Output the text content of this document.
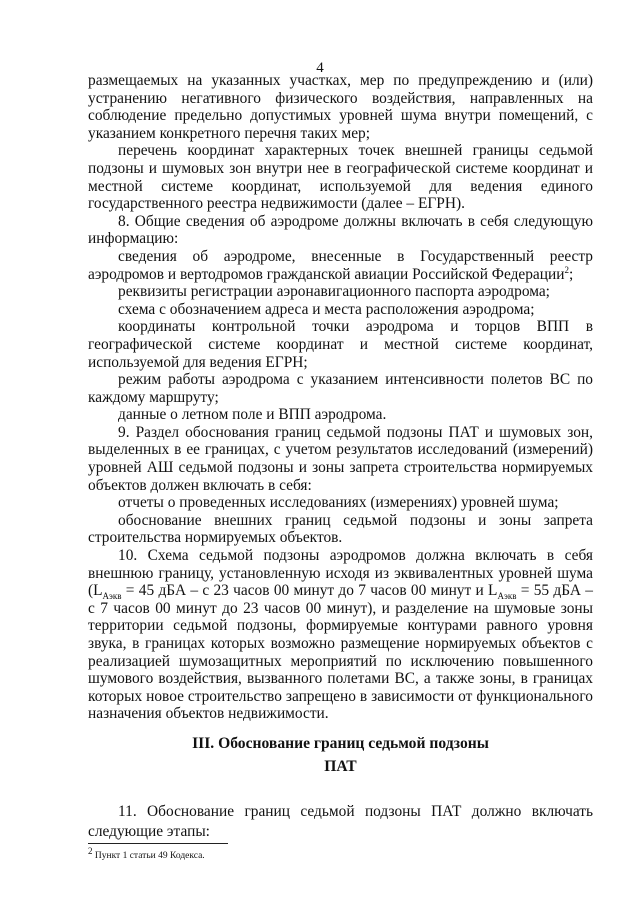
4

размещаемых на указанных участках, мер по предупреждению и (или) устранению негативного физического воздействия, направленных на соблюдение предельно допустимых уровней шума внутри помещений, с указанием конкретного перечня таких мер;

перечень координат характерных точек внешней границы седьмой подзоны и шумовых зон внутри нее в географической системе координат и местной системе координат, используемой для ведения единого государственного реестра недвижимости (далее – ЕГРН).

8. Общие сведения об аэродроме должны включать в себя следующую информацию:

сведения об аэродроме, внесенные в Государственный реестр аэродромов и вертодромов гражданской авиации Российской Федерации$^2$;

реквизиты регистрации аэронавигационного паспорта аэродрома;

схема с обозначением адреса и места расположения аэродрома;

координаты контрольной точки аэродрома и торцов ВПП в географической системе координат и местной системе координат, используемой для ведения ЕГРН;

режим работы аэродрома с указанием интенсивности полетов ВС по каждому маршруту;

данные о летном поле и ВПП аэродрома.

9. Раздел обоснования границ седьмой подзоны ПАТ и шумовых зон, выделенных в ее границах, с учетом результатов исследований (измерений) уровней АШ седьмой подзоны и зоны запрета строительства нормируемых объектов должен включать в себя:

отчеты о проведенных исследованиях (измерениях) уровней шума;

обоснование внешних границ седьмой подзоны и зоны запрета строительства нормируемых объектов.

10. Схема седьмой подзоны аэродромов должна включать в себя внешнюю границу, установленную исходя из эквивалентных уровней шума ($L_{Аэкв} = 45$ дБА – с 23 часов 00 минут до 7 часов 00 минут и $L_{Аэкв} = 55$ дБА – с 7 часов 00 минут до 23 часов 00 минут), и разделение на шумовые зоны территории седьмой подзоны, формируемые контурами равного уровня звука, в границах которых возможно размещение нормируемых объектов с реализацией шумозащитных мероприятий по исключению повышенного шумового воздействия, вызванного полетами ВС, а также зоны, в границах которых новое строительство запрещено в зависимости от функционального назначения объектов недвижимости.

III. Обоснование границ седьмой подзоны
ПАТ
11. Обоснование границ седьмой подзоны ПАТ должно включать следующие этапы:
$^2$ Пункт 1 статьи 49 Кодекса.
